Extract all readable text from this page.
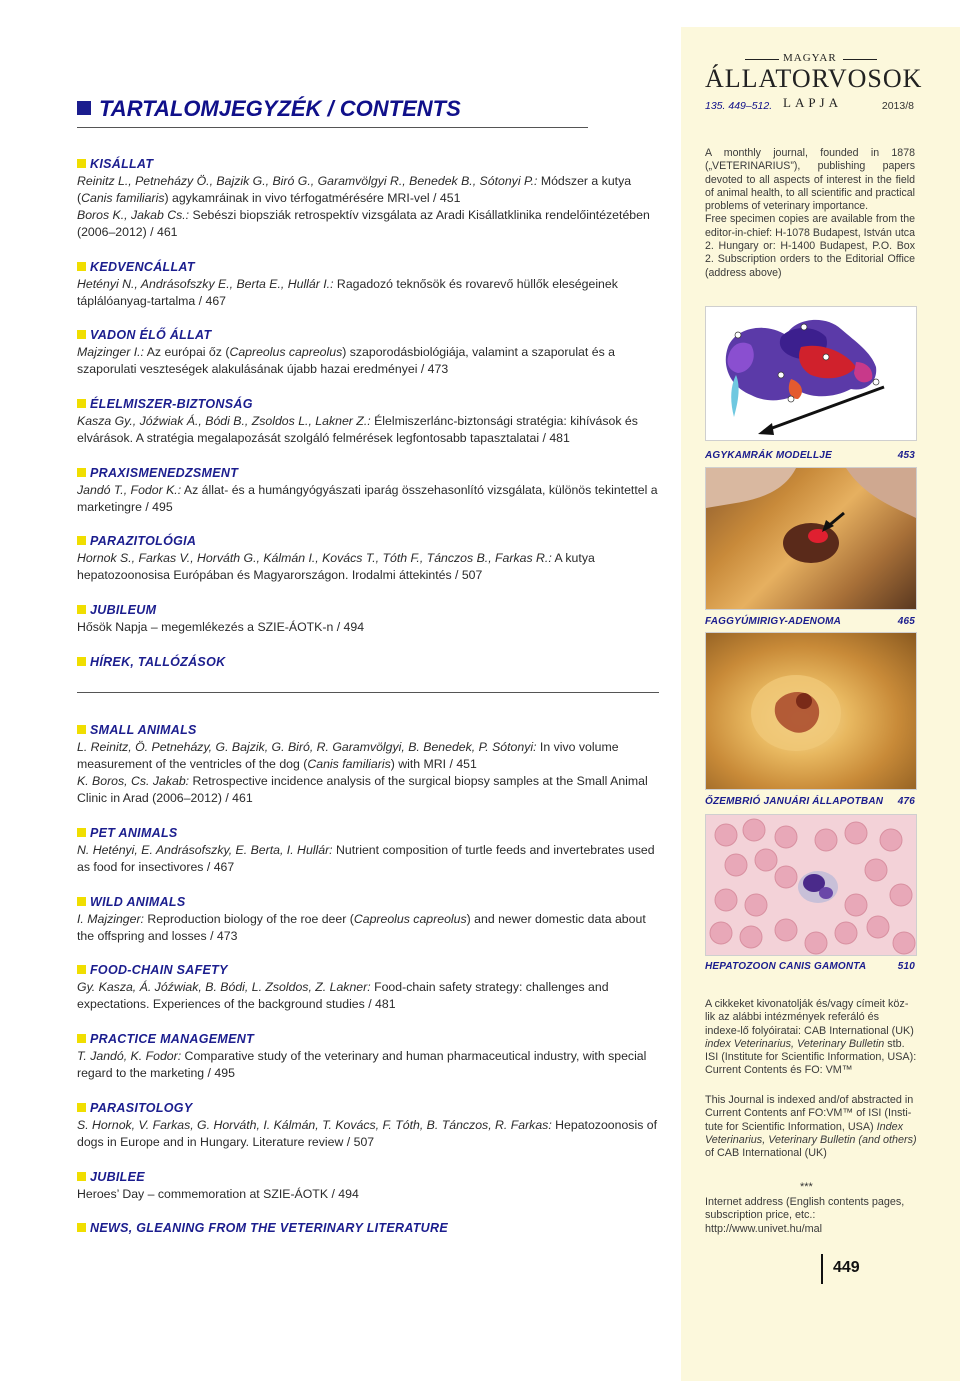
TARTALOMJEGYZÉK / CONTENTS
KISÁLLAT
Reinitz L., Petneházy Ö., Bajzik G., Biró G., Garamvölgyi R., Benedek B., Sótonyi P.: Módszer a kutya (Canis familiaris) agykamráinak in vivo térfogatmérésére MRI-vel / 451
Boros K., Jakab Cs.: Sebészi biopsziák retrospektív vizsgálata az Aradi Kisállatklinika rendelőintézetében (2006–2012) / 461
KEDVENCÁLLAT
Hetényi N., Andrásofszky E., Berta E., Hullár I.: Ragadozó teknősök és rovarevő hüllők eleségeinek táplálóanyag-tartalma / 467
VADON ÉLŐ ÁLLAT
Majzinger I.: Az európai őz (Capreolus capreolus) szaporodásbiológiája, valamint a szaporulat és a szaporulati veszteségek alakulásának újabb hazai eredményei / 473
ÉLELMISZER-BIZTONSÁG
Kasza Gy., Jóźwiak Á., Bódi B., Zsoldos L., Lakner Z.: Élelmiszerlánc-biztonsági stratégia: kihívások és elvárások. A stratégia megalapozását szolgáló felmérések legfontosabb tapasztalatai / 481
PRAXISMENEDZSMENT
Jandó T., Fodor K.: Az állat- és a humángyógyászati iparág összehasonlító vizsgálata, különös tekintettel a marketingre / 495
PARAZITOLÓGIA
Hornok S., Farkas V., Horváth G., Kálmán I., Kovács T., Tóth F., Tánczos B., Farkas R.: A kutya hepatozoonosisa Európában és Magyarországon. Irodalmi áttekintés / 507
JUBILEUM
Hősök Napja – megemlékezés a SZIE-ÁOTK-n / 494
HÍREK, TALLÓZÁSOK
SMALL ANIMALS
L. Reinitz, Ö. Petneházy, G. Bajzik, G. Biró, R. Garamvölgyi, B. Benedek, P. Sótonyi: In vivo volume measurement of the ventricles of the dog (Canis familiaris) with MRI / 451
K. Boros, Cs. Jakab: Retrospective incidence analysis of the surgical biopsy samples at the Small Animal Clinic in Arad (2006–2012) / 461
PET ANIMALS
N. Hetényi, E. Andrásofszky, E. Berta, I. Hullár: Nutrient composition of turtle feeds and invertebrates used as food for insectivores / 467
WILD ANIMALS
I. Majzinger: Reproduction biology of the roe deer (Capreolus capreolus) and newer domestic data about the offspring and losses / 473
FOOD-CHAIN SAFETY
Gy. Kasza, Á. Jóźwiak, B. Bódi, L. Zsoldos, Z. Lakner: Food-chain safety strategy: challenges and expectations. Experiences of the background studies / 481
PRACTICE MANAGEMENT
T. Jandó, K. Fodor: Comparative study of the veterinary and human pharmaceutical industry, with special regard to the marketing / 495
PARASITOLOGY
S. Hornok, V. Farkas, G. Horváth, I. Kálmán, T. Kovács, F. Tóth, B. Tánczos, R. Farkas: Hepatozoonosis of dogs in Europe and in Hungary. Literature review / 507
JUBILEE
Heroes’ Day – commemoration at SZIE-ÁOTK / 494
NEWS, GLEANING FROM THE VETERINARY LITERATURE
MAGYAR
ÁLLATORVOSOK
135. 449–512. LAPJA	2013/8
A monthly journal, founded in 1878 („VETERINARIUS”), publishing papers devoted to all aspects of interest in the field of animal health, to all scientific and practical problems of veterinary importance.
Free specimen copies are available from the editor-in-chief: H-1078 Budapest, István utca 2. Hungary or: H-1400 Budapest, P.O. Box 2. Subscription orders to the Editorial Office (address above)
AGYKAMRÁK MODELLJE	453
FAGGYÚMIRIGY-ADENOMA	465
ŐZEMBRIÓ JANUÁRI ÁLLAPOTBAN 476
HEPATOZOON CANIS GAMONTA	510
A cikkeket kivonatolják és/vagy címeit köz-lik az alábbi intézmények referáló és indexe-lő folyóiratai: CAB International (UK) index Veterinarius, Veterinary Bulletin stb.
ISI (Institute for Scientific Information, USA): Current Contents és FO: VM™
This Journal is indexed and/of abstracted in Current Contents anf FO:VM™ of ISI (Insti-tute for Scientific Information, USA) Index Veterinarius, Veterinary Bulletin (and others) of CAB International (UK)
***
Internet address (English contents pages, subscription price, etc.: http://www.univet.hu/mal
449
